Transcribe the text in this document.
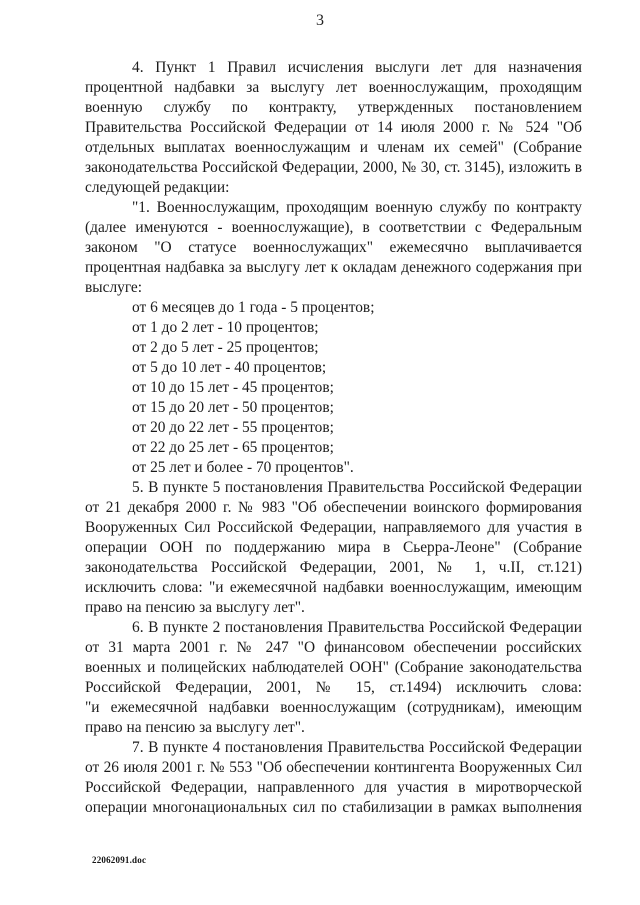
3
4. Пункт 1 Правил исчисления выслуги лет для назначения
процентной надбавки за выслугу лет военнослужащим, проходящим
военную службу по контракту, утвержденных постановлением
Правительства Российской Федерации от 14 июля 2000 г. № 524 "Об
отдельных выплатах военнослужащим и членам их семей" (Собрание
законодательства Российской Федерации, 2000, № 30, ст. 3145), изложить в
следующей редакции:
"1. Военнослужащим, проходящим военную службу по контракту
(далее именуются - военнослужащие), в соответствии с Федеральным
законом "О статусе военнослужащих" ежемесячно выплачивается
процентная надбавка за выслугу лет к окладам денежного содержания при
выслуге:
от 6 месяцев до 1 года - 5 процентов;
от 1 до 2 лет - 10 процентов;
от 2 до 5 лет - 25 процентов;
от 5 до 10 лет - 40 процентов;
от 10 до 15 лет - 45 процентов;
от 15 до 20 лет - 50 процентов;
от 20 до 22 лет - 55 процентов;
от 22 до 25 лет - 65 процентов;
от 25 лет и более - 70 процентов".
5. В пункте 5 постановления Правительства Российской Федерации
от 21 декабря 2000 г. № 983 "Об обеспечении воинского формирования
Вооруженных Сил Российской Федерации, направляемого для участия в
операции ООН по поддержанию мира в Сьерра-Леоне" (Собрание
законодательства Российской Федерации, 2001, № 1, ч.II, ст.121)
исключить слова: "и ежемесячной надбавки военнослужащим, имеющим
право на пенсию за выслугу лет".
6. В пункте 2 постановления Правительства Российской Федерации
от 31 марта 2001 г. № 247 "О финансовом обеспечении российских
военных и полицейских наблюдателей ООН" (Собрание законодательства
Российской Федерации, 2001, № 15, ст.1494) исключить слова:
"и ежемесячной надбавки военнослужащим (сотрудникам), имеющим
право на пенсию за выслугу лет".
7. В пункте 4 постановления Правительства Российской Федерации
от 26 июля 2001 г. № 553 "Об обеспечении контингента Вооруженных Сил
Российской Федерации, направленного для участия в миротворческой
операции многонациональных сил по стабилизации в рамках выполнения
22062091.doc
